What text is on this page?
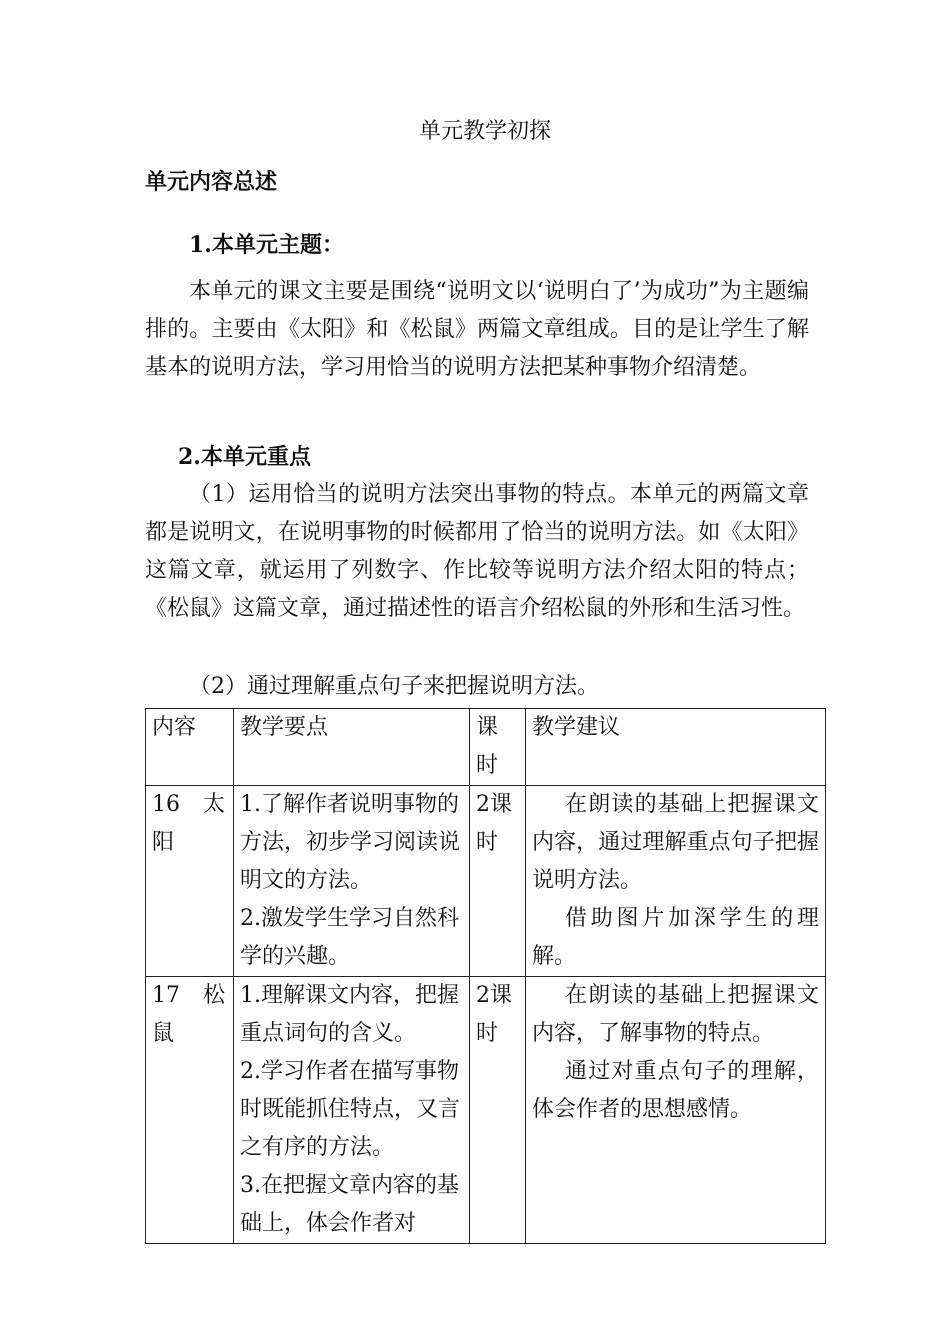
单元教学初探
单元内容总述
1.本单元主题：
本单元的课文主要是围绕“说明文以‘说明白了’为成功”为主题编排的。主要由《太阳》和《松鼠》两篇文章组成。目的是让学生了解基本的说明方法，学习用恰当的说明方法把某种事物介绍清楚。
2.本单元重点
（1）运用恰当的说明方法突出事物的特点。本单元的两篇文章都是说明文，在说明事物的时候都用了恰当的说明方法。如《太阳》这篇文章，就运用了列数字、作比较等说明方法介绍太阳的特点；《松鼠》这篇文章，通过描述性的语言介绍松鼠的外形和生活习性。
（2）通过理解重点句子来把握说明方法。
内容	教学要点	课时	教学建议

16 太阳	1.了解作者说明事物的方法，初步学习阅读说明文的方法。
2.激发学生学习自然科学的兴趣。	2课时	在朗读的基础上把握课文内容，通过理解重点句子把握说明方法。
借助图片加深学生的理解。

17 松鼠	1.理解课文内容，把握重点词句的含义。
2.学习作者在描写事物时既能抓住特点，又言之有序的方法。
3.在把握文章内容的基础上，体会作者对	2课时	在朗读的基础上把握课文内容，了解事物的特点。
通过对重点句子的理解，体会作者的思想感情。
